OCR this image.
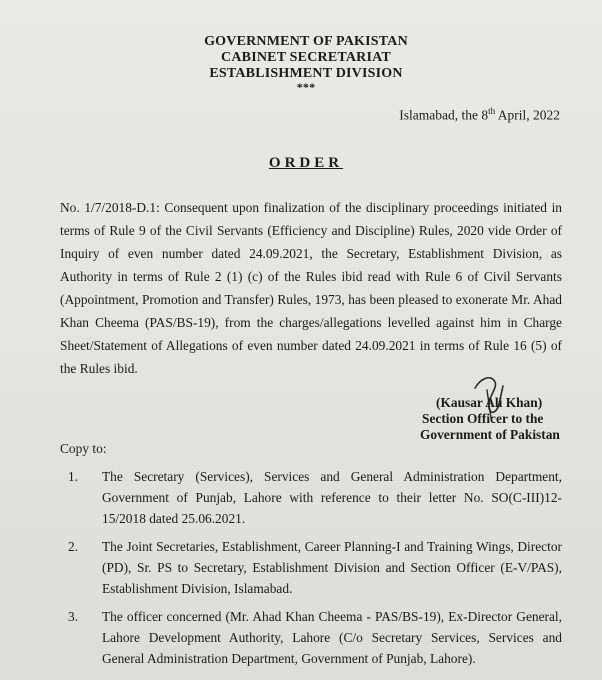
GOVERNMENT OF PAKISTAN
CABINET SECRETARIAT
ESTABLISHMENT DIVISION
***
Islamabad, the 8th April, 2022
ORDER
No. 1/7/2018-D.1: Consequent upon finalization of the disciplinary proceedings initiated in terms of Rule 9 of the Civil Servants (Efficiency and Discipline) Rules, 2020 vide Order of Inquiry of even number dated 24.09.2021, the Secretary, Establishment Division, as Authority in terms of Rule 2 (1) (c) of the Rules ibid read with Rule 6 of Civil Servants (Appointment, Promotion and Transfer) Rules, 1973, has been pleased to exonerate Mr. Ahad Khan Cheema (PAS/BS-19), from the charges/allegations levelled against him in Charge Sheet/Statement of Allegations of even number dated 24.09.2021 in terms of Rule 16 (5) of the Rules ibid.
(Kausar Ali Khan)
Section Officer to the
Government of Pakistan
Copy to:
1. The Secretary (Services), Services and General Administration Department, Government of Punjab, Lahore with reference to their letter No. SO(C-III)12-15/2018 dated 25.06.2021.
2. The Joint Secretaries, Establishment, Career Planning-I and Training Wings, Director (PD), Sr. PS to Secretary, Establishment Division and Section Officer (E-V/PAS), Establishment Division, Islamabad.
3. The officer concerned (Mr. Ahad Khan Cheema - PAS/BS-19), Ex-Director General, Lahore Development Authority, Lahore (C/o Secretary Services, Services and General Administration Department, Government of Punjab, Lahore).
